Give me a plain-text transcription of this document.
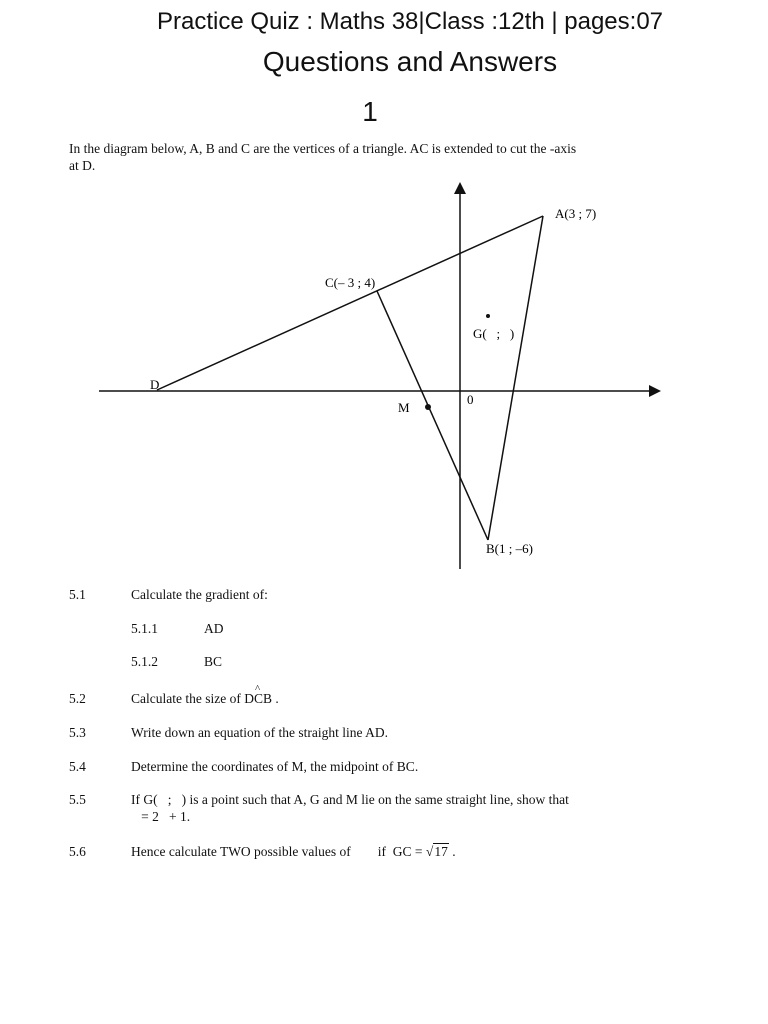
Practice Quiz : Maths 38|Class :12th | pages:07
Questions and Answers
1
In the diagram below, A, B and C are the vertices of a triangle. AC is extended to cut the -axis
at D.
A(3 ; 7)
B(1 ; –6)
C(– 3 ; 4)
D
G(   ;   )
M
0
5.1	Calculate the gradient of:
5.1.1	AD
5.1.2	BC
5.2	Calculate the size of D^ CB .
5.3	Write down an equation of the straight line AD.
5.4	Determine the coordinates of M, the midpoint of BC.
5.5	If G(   ;   ) is a point such that A, G and M lie on the same straight line, show that
= 2   + 1.
5.6	Hence calculate TWO possible values of        if  GC = √17 .
